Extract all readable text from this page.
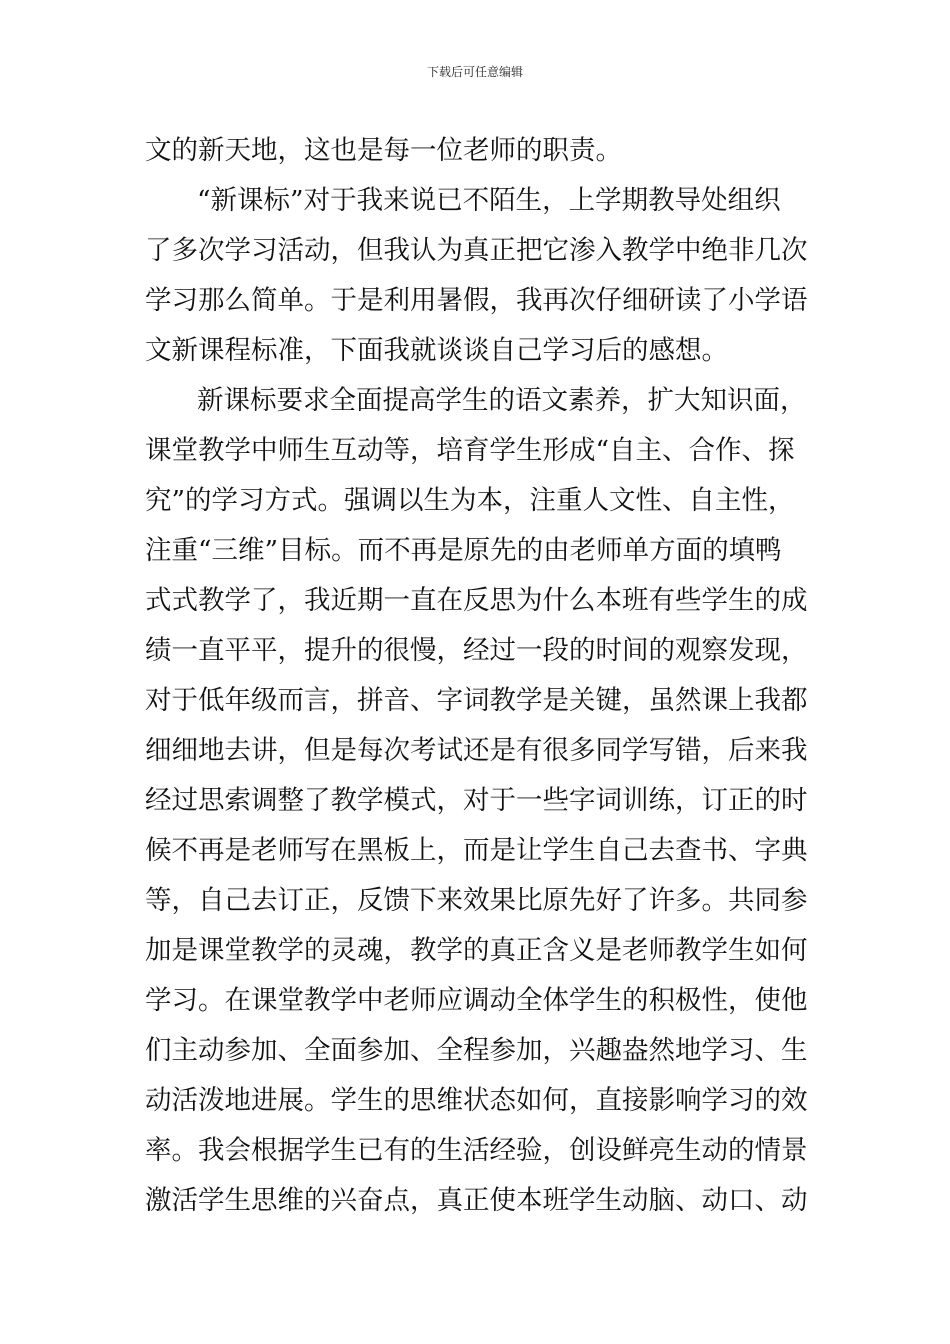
下载后可任意编辑
文的新天地，这也是每一位老师的职责。
“新课标”对于我来说已不陌生，上学期教导处组织
了多次学习活动，但我认为真正把它渗入教学中绝非几次
学习那么简单。于是利用暑假，我再次仔细研读了小学语
文新课程标准，下面我就谈谈自己学习后的感想。
新课标要求全面提高学生的语文素养，扩大知识面，
课堂教学中师生互动等，培育学生形成“自主、合作、探
究”的学习方式。强调以生为本，注重人文性、自主性，
注重“三维”目标。而不再是原先的由老师单方面的填鸭
式式教学了，我近期一直在反思为什么本班有些学生的成
绩一直平平，提升的很慢，经过一段的时间的观察发现，
对于低年级而言，拼音、字词教学是关键，虽然课上我都
细细地去讲，但是每次考试还是有很多同学写错，后来我
经过思索调整了教学模式，对于一些字词训练，订正的时
候不再是老师写在黑板上，而是让学生自己去查书、字典
等，自己去订正，反馈下来效果比原先好了许多。共同参
加是课堂教学的灵魂，教学的真正含义是老师教学生如何
学习。在课堂教学中老师应调动全体学生的积极性，使他
们主动参加、全面参加、全程参加，兴趣盎然地学习、生
动活泼地进展。学生的思维状态如何，直接影响学习的效
率。我会根据学生已有的生活经验，创设鲜亮生动的情景
激活学生思维的兴奋点，真正使本班学生动脑、动口、动
